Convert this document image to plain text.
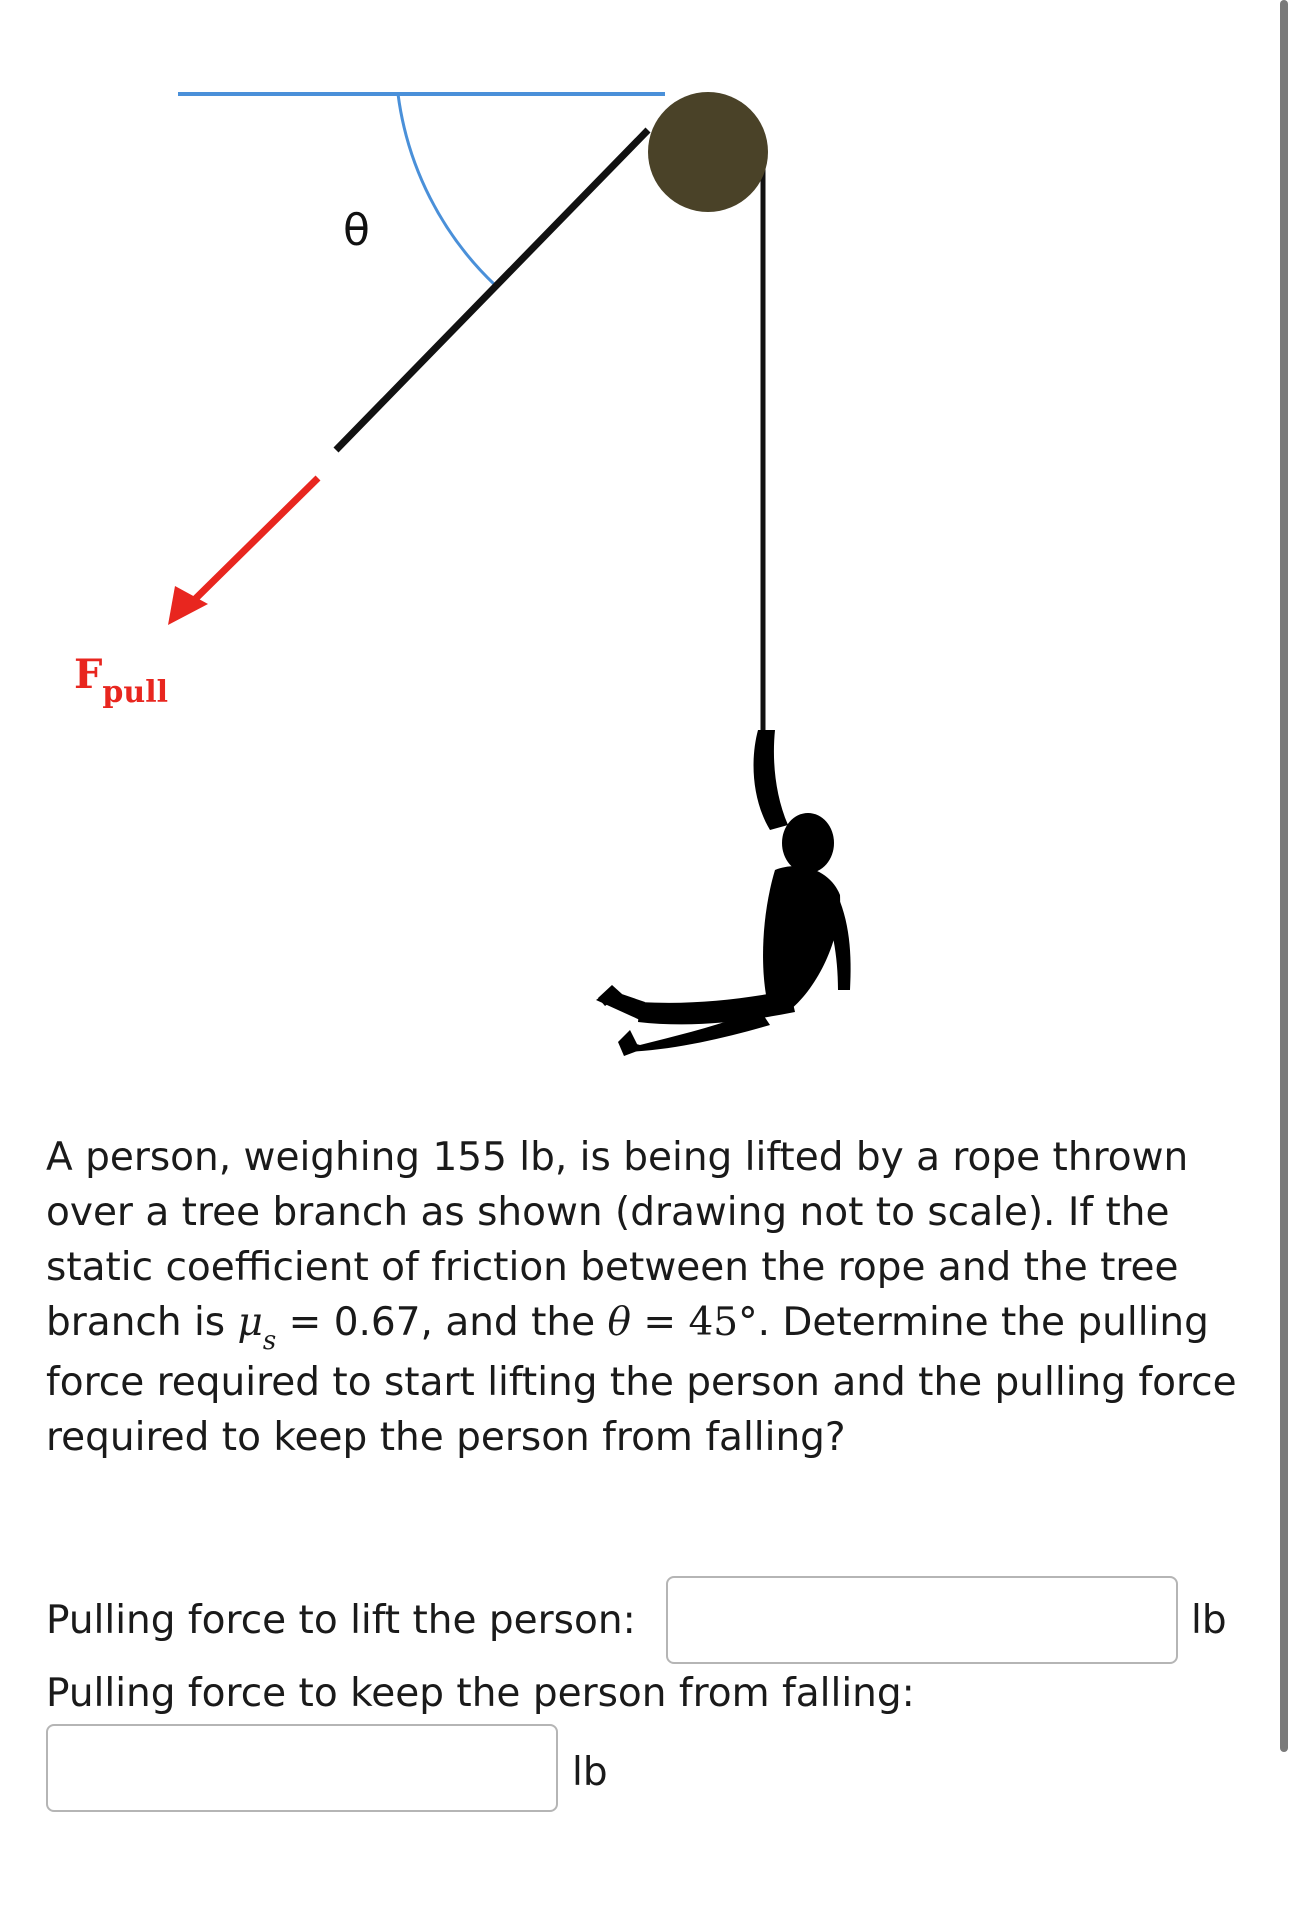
θ
Fpull

A person, weighing 155 lb, is being lifted by a rope thrown over a tree branch as shown (drawing not to scale). If the static coefficient of friction between the rope and the tree branch is $\mu_s = 0.67$, and the θ = 45°. Determine the pulling force required to start lifting the person and the pulling force required to keep the person from falling?

Pulling force to lift the person:	lb
Pulling force to keep the person from falling:
lb
